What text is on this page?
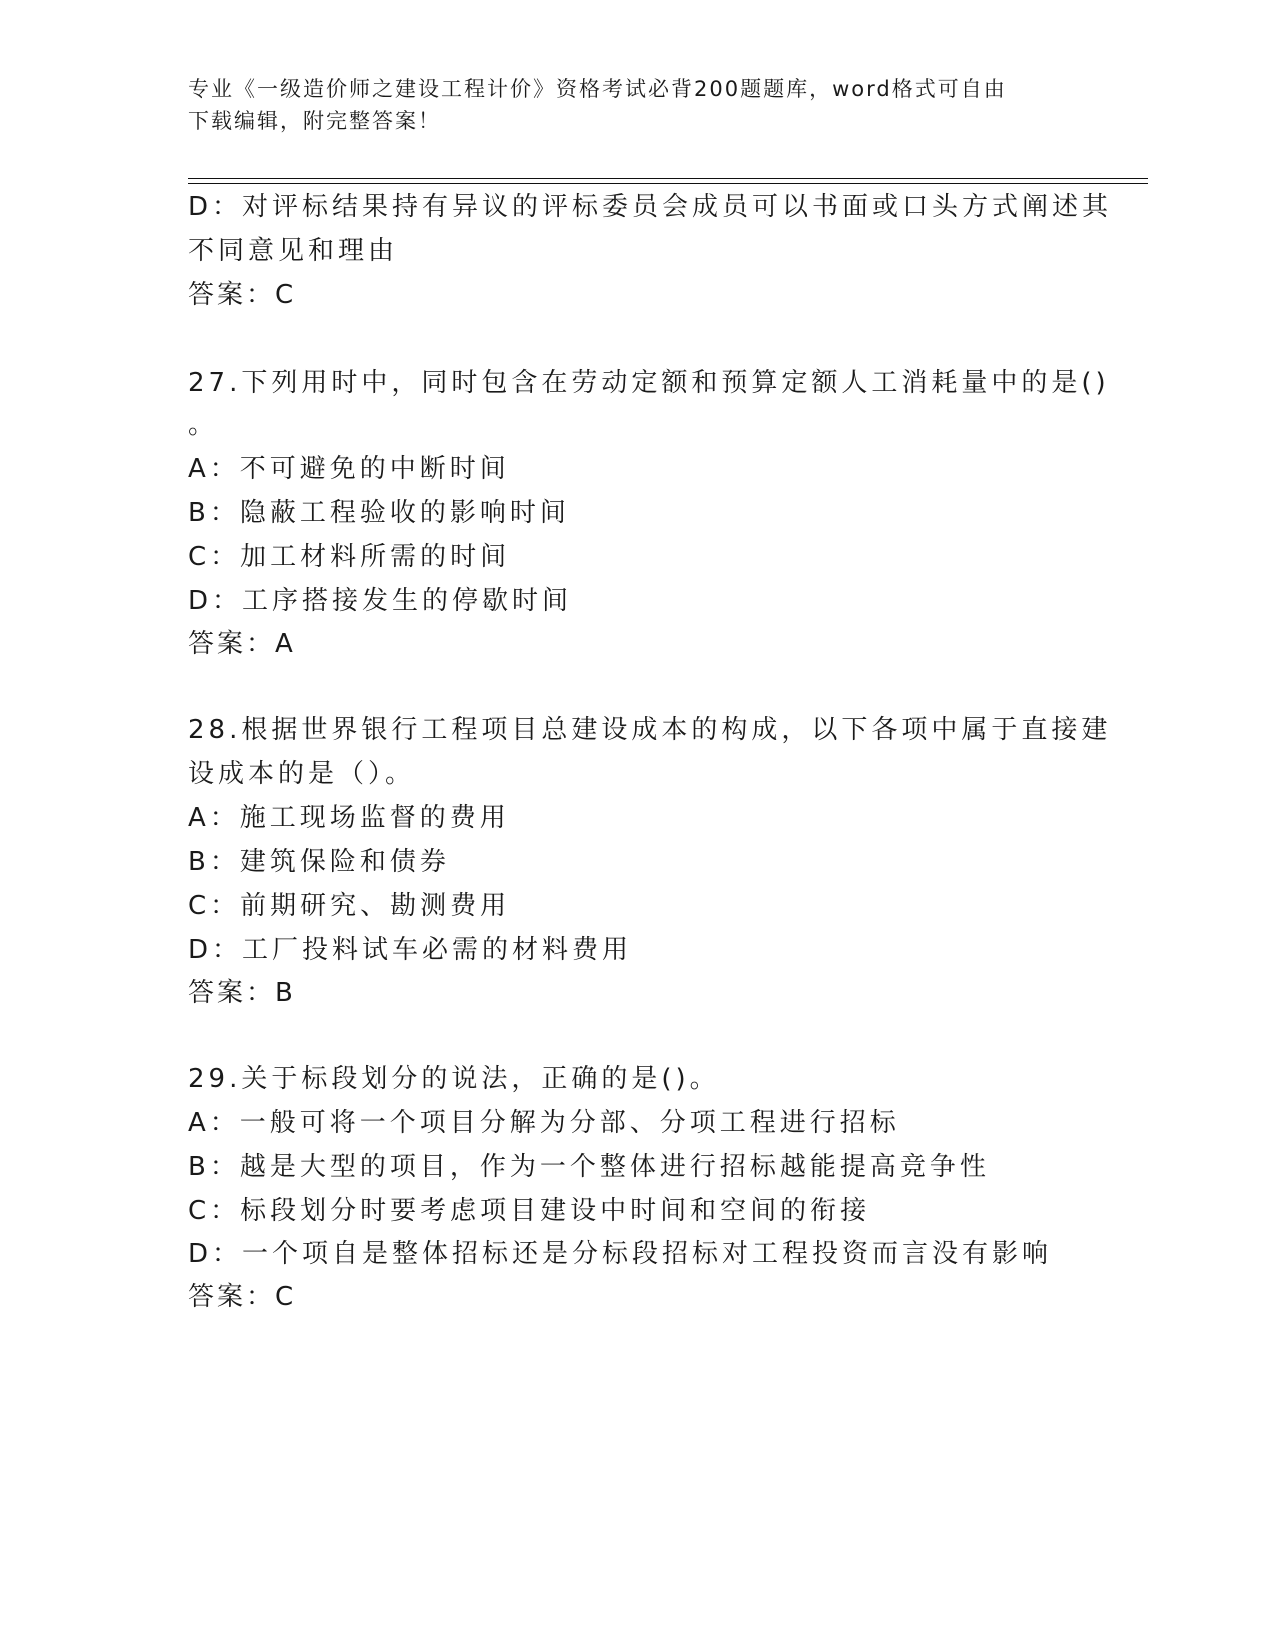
专业《一级造价师之建设工程计价》资格考试必背200题题库，word格式可自由
下载编辑，附完整答案！
D：对评标结果持有异议的评标委员会成员可以书面或口头方式阐述其
不同意见和理由
答案：C
27.下列用时中，同时包含在劳动定额和预算定额人工消耗量中的是()
。
A：不可避免的中断时间
B：隐蔽工程验收的影响时间
C：加工材料所需的时间
D：工序搭接发生的停歇时间
答案：A
28.根据世界银行工程项目总建设成本的构成，以下各项中属于直接建
设成本的是（）。
A：施工现场监督的费用
B：建筑保险和债券
C：前期研究、勘测费用
D：工厂投料试车必需的材料费用
答案：B
29.关于标段划分的说法，正确的是()。
A：一般可将一个项目分解为分部、分项工程进行招标
B：越是大型的项目，作为一个整体进行招标越能提高竞争性
C：标段划分时要考虑项目建设中时间和空间的衔接
D：一个项自是整体招标还是分标段招标对工程投资而言没有影响
答案：C
